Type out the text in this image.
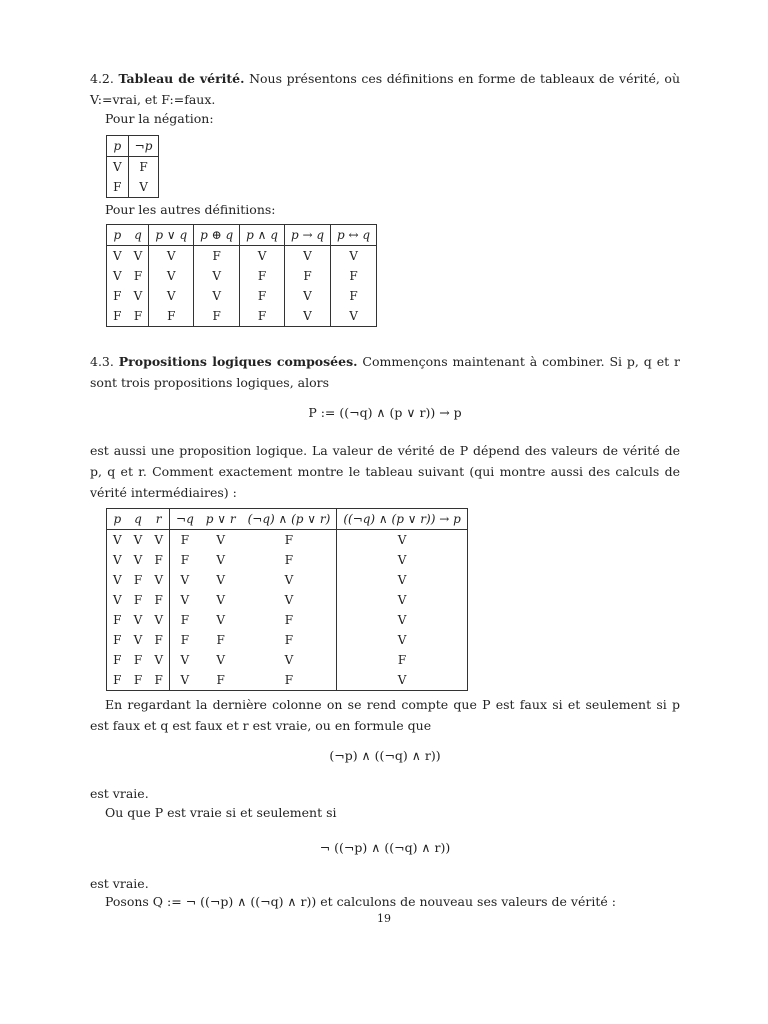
4.2. Tableau de vérité. Nous présentons ces définitions en forme de tableaux de vérité, où V:=vrai, et F:=faux.
Pour la négation:
p	¬p
V	F
F	V
Pour les autres définitions:
p	q	p ∨ q	p ⊕ q	p ∧ q	p → q	p ↔ q
V	V	V	F	V	V	V
V	F	V	V	F	F	F
F	V	V	V	F	V	F
F	F	F	F	F	V	V
4.3. Propositions logiques composées. Commençons maintenant à combiner. Si p, q et r sont trois propositions logiques, alors
P := ((¬q) ∧ (p ∨ r)) → p
est aussi une proposition logique. La valeur de vérité de P dépend des valeurs de vérité de p, q et r. Comment exactement montre le tableau suivant (qui montre aussi des calculs de vérité intermédiaires) :
p	q	r	¬q	p ∨ r	(¬q) ∧ (p ∨ r)	((¬q) ∧ (p ∨ r)) → p
V	V	V	F	V	F	V
V	V	F	F	V	F	V
V	F	V	V	V	V	V
V	F	F	V	V	V	V
F	V	V	F	V	F	V
F	V	F	F	F	F	V
F	F	V	V	V	V	F
F	F	F	V	F	F	V
En regardant la dernière colonne on se rend compte que P est faux si et seulement si p est faux et q est faux et r est vraie, ou en formule que
(¬p) ∧ ((¬q) ∧ r))
est vraie.
Ou que P est vraie si et seulement si
¬ ((¬p) ∧ ((¬q) ∧ r))
est vraie.
Posons Q := ¬ ((¬p) ∧ ((¬q) ∧ r)) et calculons de nouveau ses valeurs de vérité :
19
